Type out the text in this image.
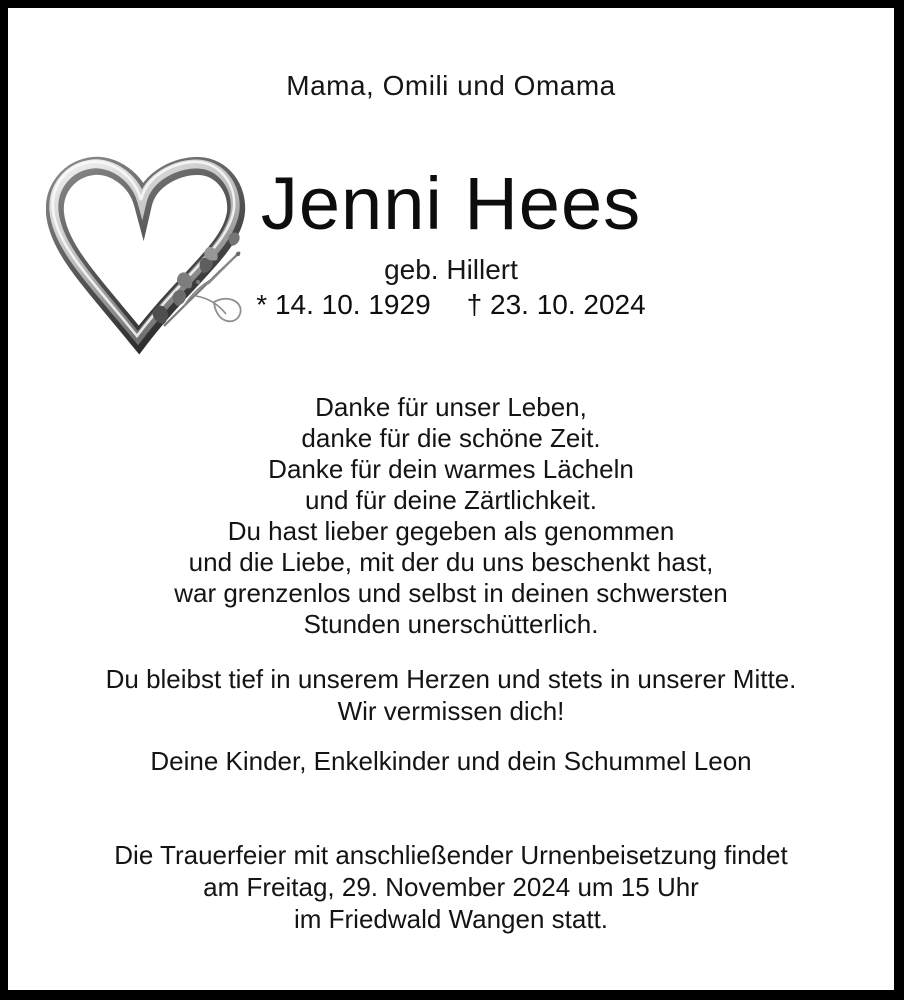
Mama, Omili und Omama
Jenni Hees
geb. Hillert
* 14. 10. 1929 † 23. 10. 2024
Danke für unser Leben,
danke für die schöne Zeit.
Danke für dein warmes Lächeln
und für deine Zärtlichkeit.
Du hast lieber gegeben als genommen
und die Liebe, mit der du uns beschenkt hast,
war grenzenlos und selbst in deinen schwersten
Stunden unerschütterlich.
Du bleibst tief in unserem Herzen und stets in unserer Mitte.
Wir vermissen dich!
Deine Kinder, Enkelkinder und dein Schummel Leon
Die Trauerfeier mit anschließender Urnenbeisetzung findet
am Freitag, 29. November 2024 um 15 Uhr
im Friedwald Wangen statt.
